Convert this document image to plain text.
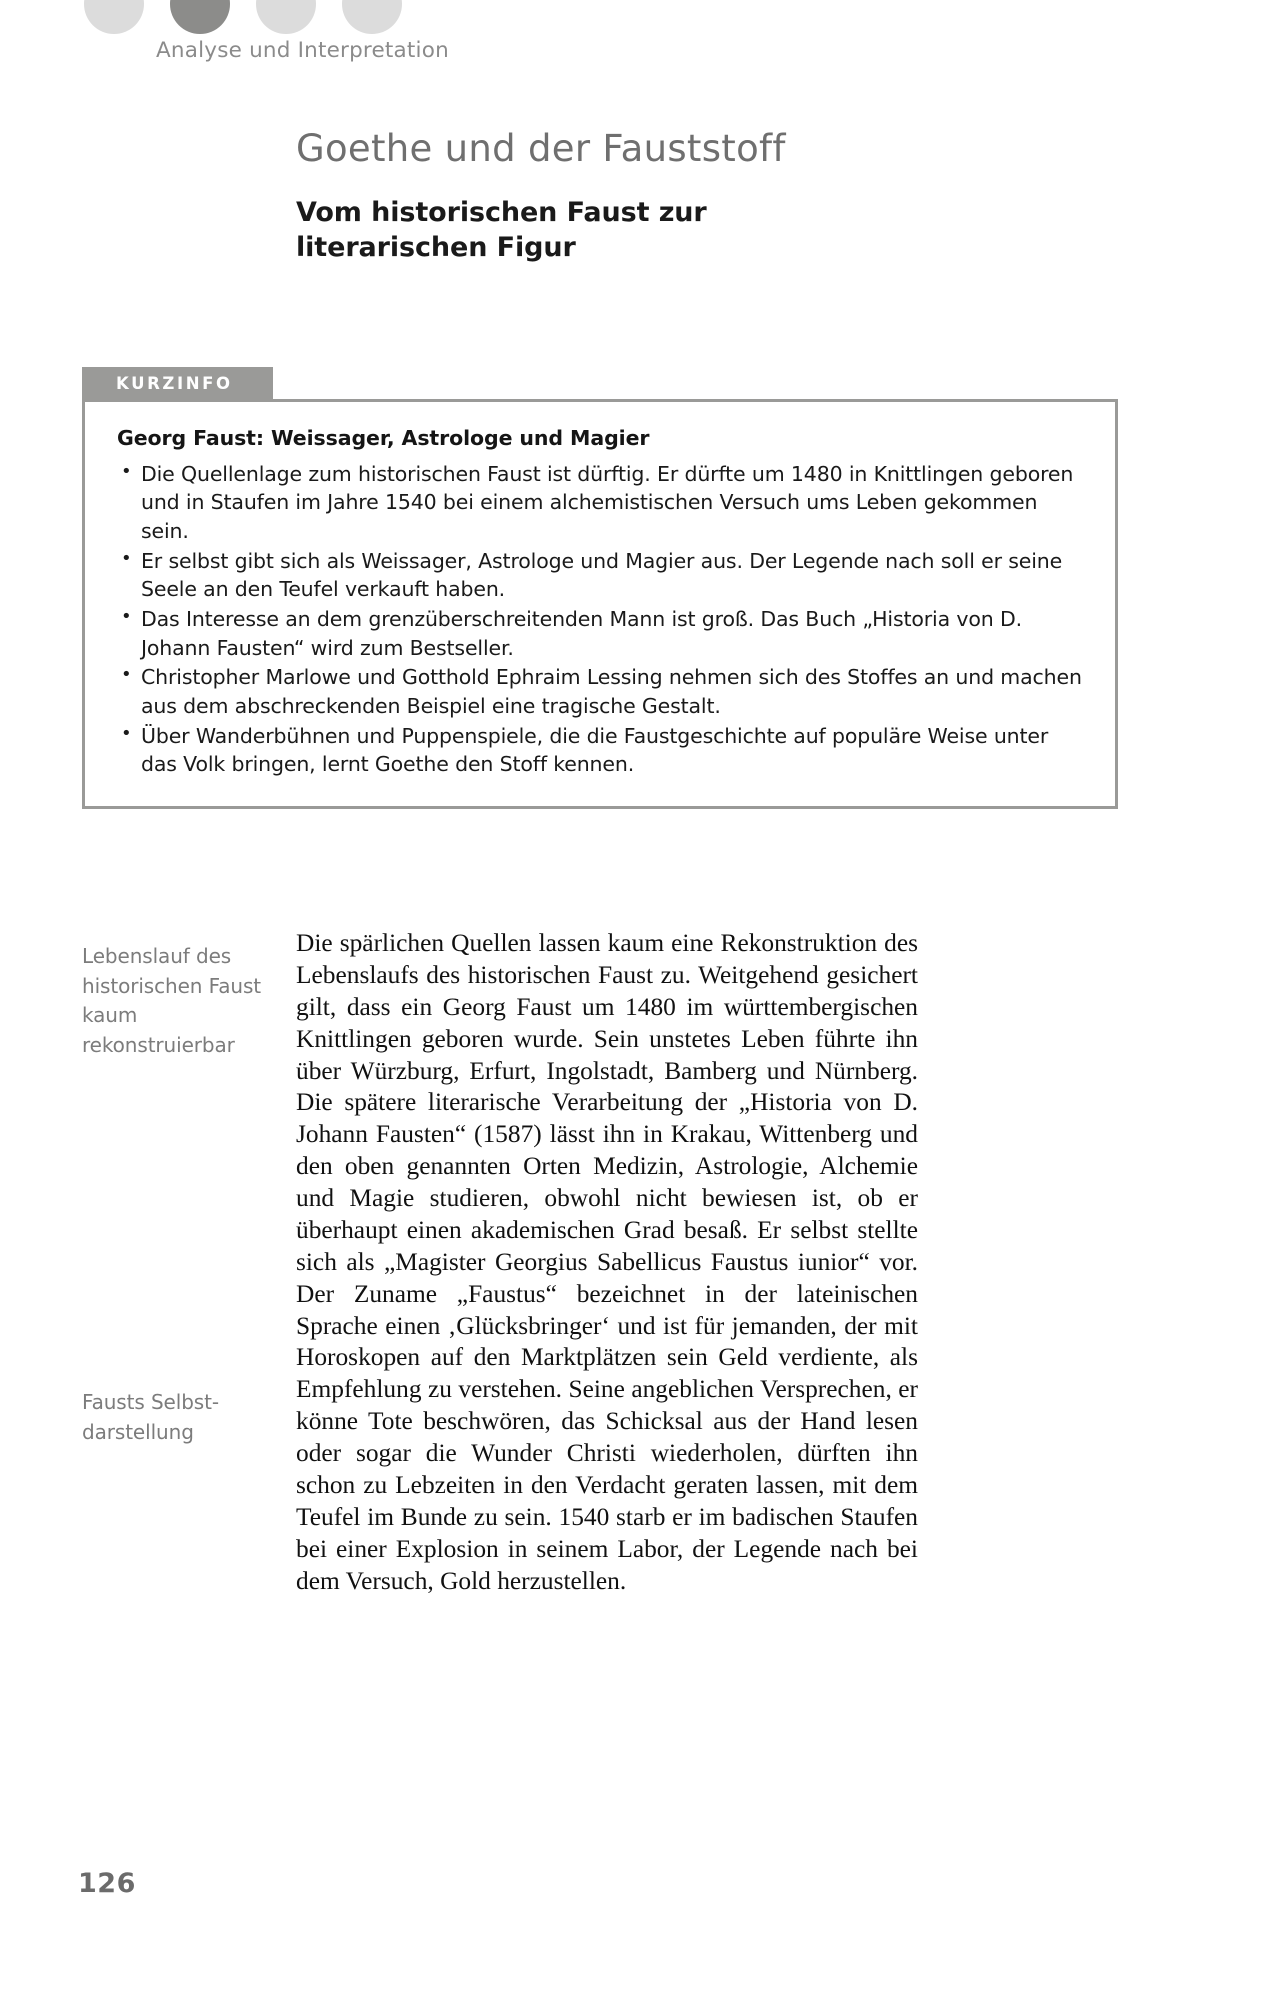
Analyse und Interpretation
Goethe und der Fauststoff
Vom historischen Faust zur
literarischen Figur
KURZINFO
Georg Faust: Weissager, Astrologe und Magier
• Die Quellenlage zum historischen Faust ist dürftig. Er dürfte um 1480 in Knittlingen geboren und in Staufen im Jahre 1540 bei einem alchemistischen Versuch ums Leben gekommen sein.
• Er selbst gibt sich als Weissager, Astrologe und Magier aus. Der Legende nach soll er seine Seele an den Teufel verkauft haben.
• Das Interesse an dem grenzüberschreitenden Mann ist groß. Das Buch „Historia von D. Johann Fausten“ wird zum Bestseller.
• Christopher Marlowe und Gotthold Ephraim Lessing nehmen sich des Stoffes an und machen aus dem abschreckenden Beispiel eine tragische Gestalt.
• Über Wanderbühnen und Puppenspiele, die die Faustgeschichte auf populäre Weise unter das Volk bringen, lernt Goethe den Stoff kennen.
Lebenslauf des historischen Faust kaum rekonstruierbar
Fausts Selbst-darstellung

Die spärlichen Quellen lassen kaum eine Rekonstruktion des Lebenslaufs des historischen Faust zu. Weitgehend gesichert gilt, dass ein Georg Faust um 1480 im württembergischen Knittlingen geboren wurde. Sein unstetes Leben führte ihn über Würzburg, Erfurt, Ingolstadt, Bamberg und Nürnberg. Die spätere literarische Verarbeitung der „Historia von D. Johann Fausten“ (1587) lässt ihn in Krakau, Wittenberg und den oben genannten Orten Medizin, Astrologie, Alchemie und Magie studieren, obwohl nicht bewiesen ist, ob er überhaupt einen akademischen Grad besaß. Er selbst stellte sich als „Magister Georgius Sabellicus Faustus iunior“ vor. Der Zuname „Faustus“ bezeichnet in der lateinischen Sprache einen ‚Glücksbringer‘ und ist für jemanden, der mit Horoskopen auf den Marktplätzen sein Geld verdiente, als Empfehlung zu verstehen. Seine angeblichen Versprechen, er könne Tote beschwören, das Schicksal aus der Hand lesen oder sogar die Wunder Christi wiederholen, dürften ihn schon zu Lebzeiten in den Verdacht geraten lassen, mit dem Teufel im Bunde zu sein. 1540 starb er im badischen Staufen bei einer Explosion in seinem Labor, der Legende nach bei dem Versuch, Gold herzustellen.

126
